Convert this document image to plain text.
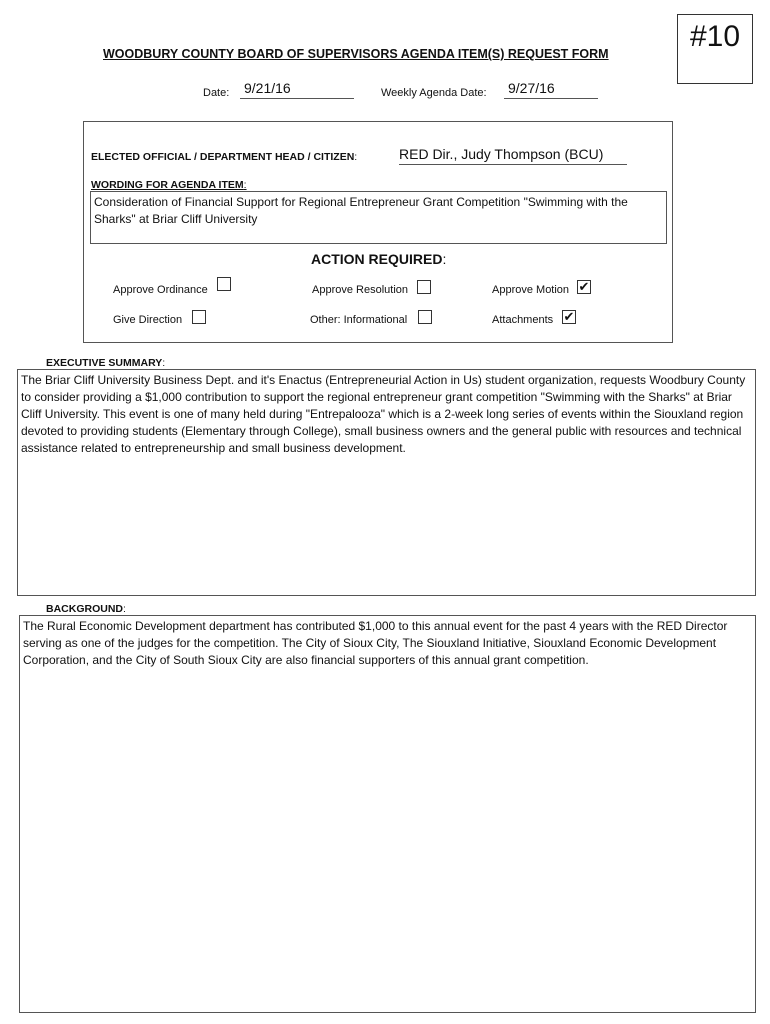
#10
WOODBURY COUNTY BOARD OF SUPERVISORS AGENDA ITEM(S) REQUEST FORM
Date: 9/21/16	Weekly Agenda Date: 9/27/16
ELECTED OFFICIAL / DEPARTMENT HEAD / CITIZEN:	RED Dir., Judy Thompson (BCU)
WORDING FOR AGENDA ITEM:
Consideration of Financial Support for Regional Entrepreneur Grant Competition "Swimming with the Sharks" at Briar Cliff University
ACTION REQUIRED:
Approve Ordinance	Approve Resolution	Approve Motion ✔
Give Direction	Other: Informational	Attachments ✔
EXECUTIVE SUMMARY:
The Briar Cliff University Business Dept. and it's Enactus (Entrepreneurial Action in Us) student organization, requests Woodbury County to consider providing a $1,000 contribution to support the regional entrepreneur grant competition "Swimming with the Sharks" at Briar Cliff University. This event is one of many held during "Entrepalooza" which is a 2-week long series of events within the Siouxland region devoted to providing students (Elementary through College), small business owners and the general public with resources and technical assistance related to entrepreneurship and small business development.
BACKGROUND:
The Rural Economic Development department has contributed $1,000 to this annual event for the past 4 years with the RED Director serving as one of the judges for the competition. The City of Sioux City, The Siouxland Initiative, Siouxland Economic Development Corporation, and the City of South Sioux City are also financial supporters of this annual grant competition.
